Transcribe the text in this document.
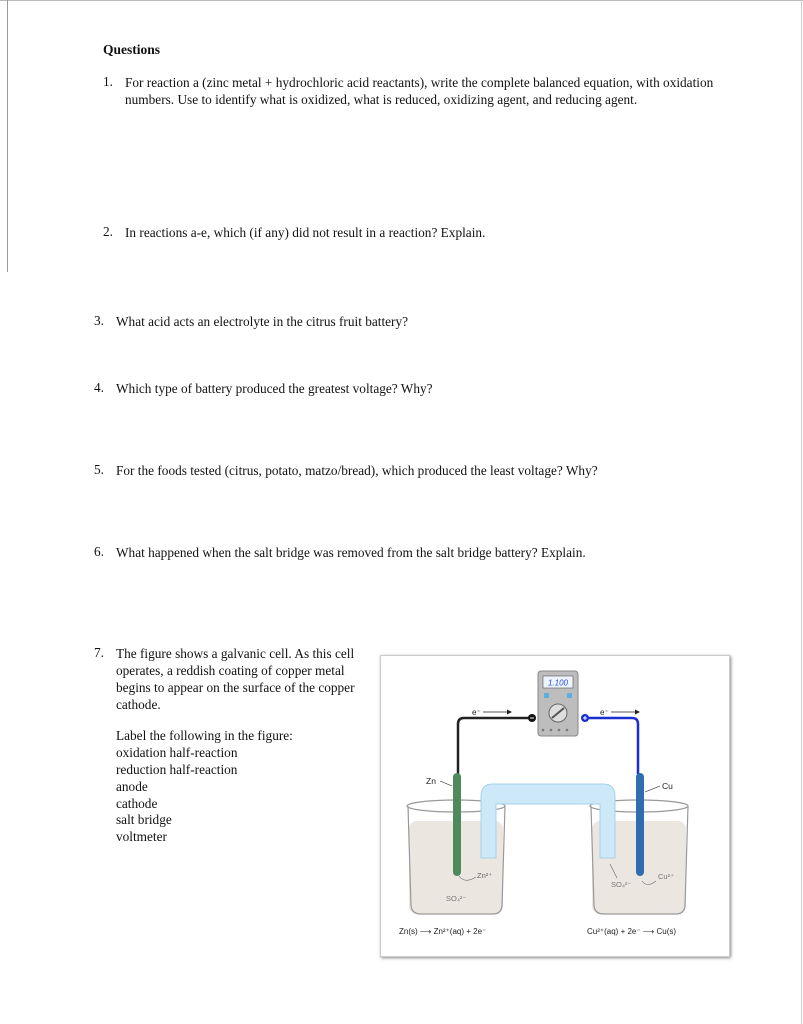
Questions
1. For reaction a (zinc metal + hydrochloric acid reactants), write the complete balanced equation, with oxidation numbers. Use to identify what is oxidized, what is reduced, oxidizing agent, and reducing agent.
2. In reactions a-e, which (if any) did not result in a reaction? Explain.
3. What acid acts an electrolyte in the citrus fruit battery?
4. Which type of battery produced the greatest voltage? Why?
5. For the foods tested (citrus, potato, matzo/bread), which produced the least voltage? Why?
6. What happened when the salt bridge was removed from the salt bridge battery? Explain.
7. The figure shows a galvanic cell. As this cell operates, a reddish coating of copper metal begins to appear on the surface of the copper cathode.
Label the following in the figure:
oxidation half-reaction
reduction half-reaction
anode
cathode
salt bridge
voltmeter
1.100
e⁻	e⁻
Zn	Cu
Zn²⁺	Cu²⁺
SO₄²⁻
SO₄²⁻
Zn(s) ⟶ Zn²⁺(aq) + 2e⁻	Cu²⁺(aq) + 2e⁻ ⟶ Cu(s)
